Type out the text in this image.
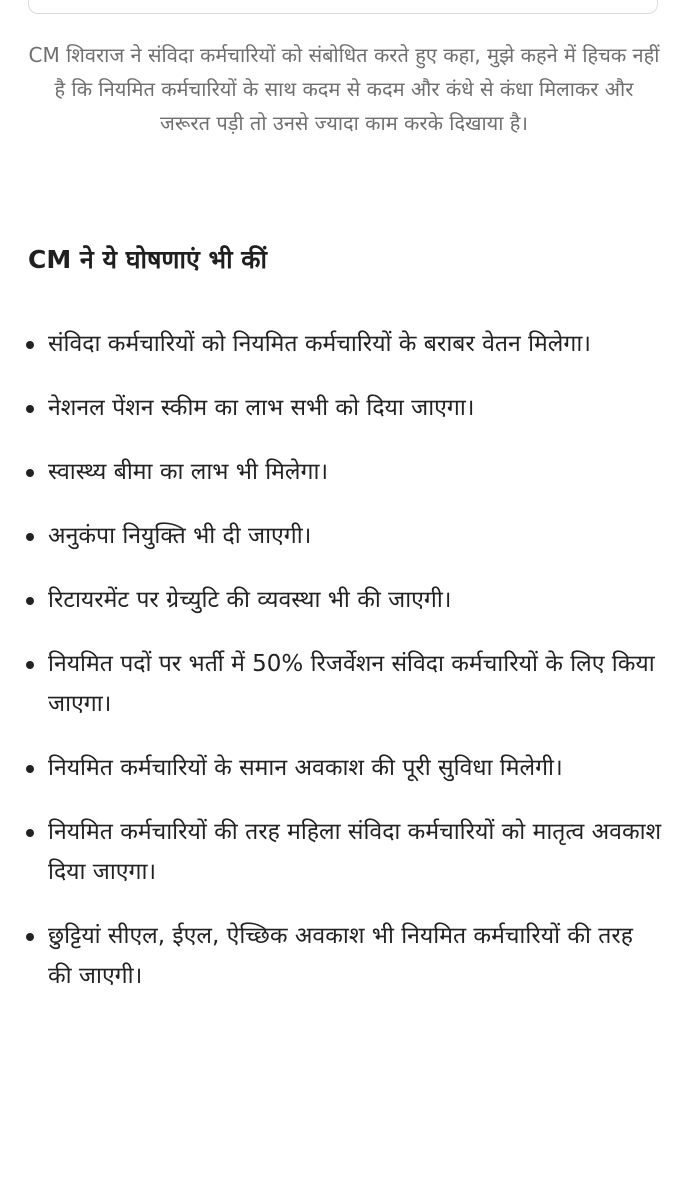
CM शिवराज ने संविदा कर्मचारियों को संबोधित करते हुए कहा, मुझे कहने में हिचक नहीं है कि नियमित कर्मचारियों के साथ कदम से कदम और कंधे से कंधा मिलाकर और जरूरत पड़ी तो उनसे ज्यादा काम करके दिखाया है।

CM ने ये घोषणाएं भी कीं
संविदा कर्मचारियों को नियमित कर्मचारियों के बराबर वेतन मिलेगा।
नेशनल पेंशन स्कीम का लाभ सभी को दिया जाएगा।
स्वास्थ्य बीमा का लाभ भी मिलेगा।
अनुकंपा नियुक्ति भी दी जाएगी।
रिटायरमेंट पर ग्रेच्युटि की व्यवस्था भी की जाएगी।
नियमित पदों पर भर्ती में 50% रिजर्वेशन संविदा कर्मचारियों के लिए किया जाएगा।
नियमित कर्मचारियों के समान अवकाश की पूरी सुविधा मिलेगी।
नियमित कर्मचारियों की तरह महिला संविदा कर्मचारियों को मातृत्व अवकाश दिया जाएगा।
छुट्टियां सीएल, ईएल, ऐच्छिक अवकाश भी नियमित कर्मचारियों की तरह की जाएगी।
